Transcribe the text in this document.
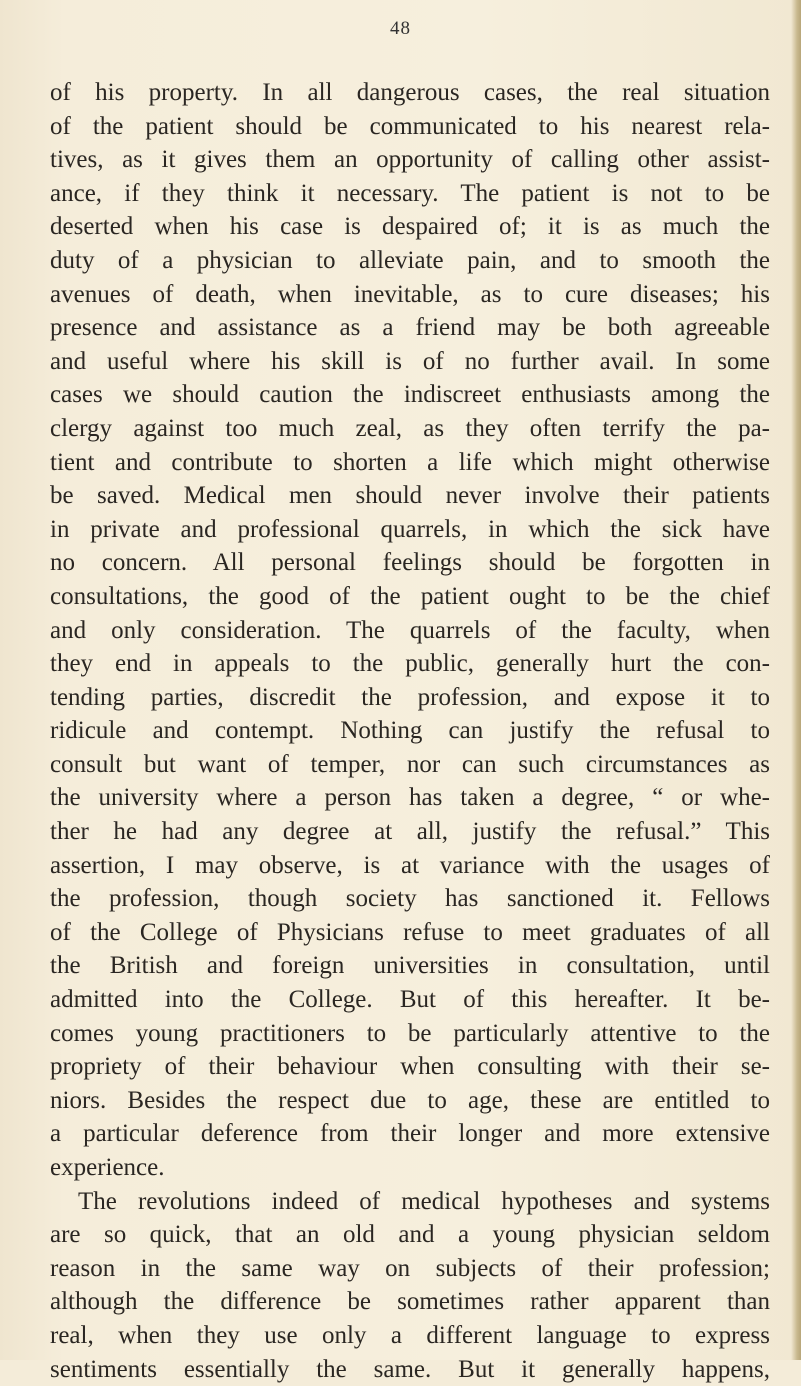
48
of his property. In all dangerous cases, the real situation
of the patient should be communicated to his nearest rela-
tives, as it gives them an opportunity of calling other assist-
ance, if they think it necessary. The patient is not to be
deserted when his case is despaired of; it is as much the
duty of a physician to alleviate pain, and to smooth the
avenues of death, when inevitable, as to cure diseases; his
presence and assistance as a friend may be both agreeable
and useful where his skill is of no further avail. In some
cases we should caution the indiscreet enthusiasts among the
clergy against too much zeal, as they often terrify the pa-
tient and contribute to shorten a life which might otherwise
be saved. Medical men should never involve their patients
in private and professional quarrels, in which the sick have
no concern. All personal feelings should be forgotten in
consultations, the good of the patient ought to be the chief
and only consideration. The quarrels of the faculty, when
they end in appeals to the public, generally hurt the con-
tending parties, discredit the profession, and expose it to
ridicule and contempt. Nothing can justify the refusal to
consult but want of temper, nor can such circumstances as
the university where a person has taken a degree, “ or whe-
ther he had any degree at all, justify the refusal.” This
assertion, I may observe, is at variance with the usages of
the profession, though society has sanctioned it. Fellows
of the College of Physicians refuse to meet graduates of all
the British and foreign universities in consultation, until
admitted into the College. But of this hereafter. It be-
comes young practitioners to be particularly attentive to the
propriety of their behaviour when consulting with their se-
niors. Besides the respect due to age, these are entitled to
a particular deference from their longer and more extensive
experience.
The revolutions indeed of medical hypotheses and systems
are so quick, that an old and a young physician seldom
reason in the same way on subjects of their profession;
although the difference be sometimes rather apparent than
real, when they use only a different language to express
sentiments essentially the same. But it generally happens,
